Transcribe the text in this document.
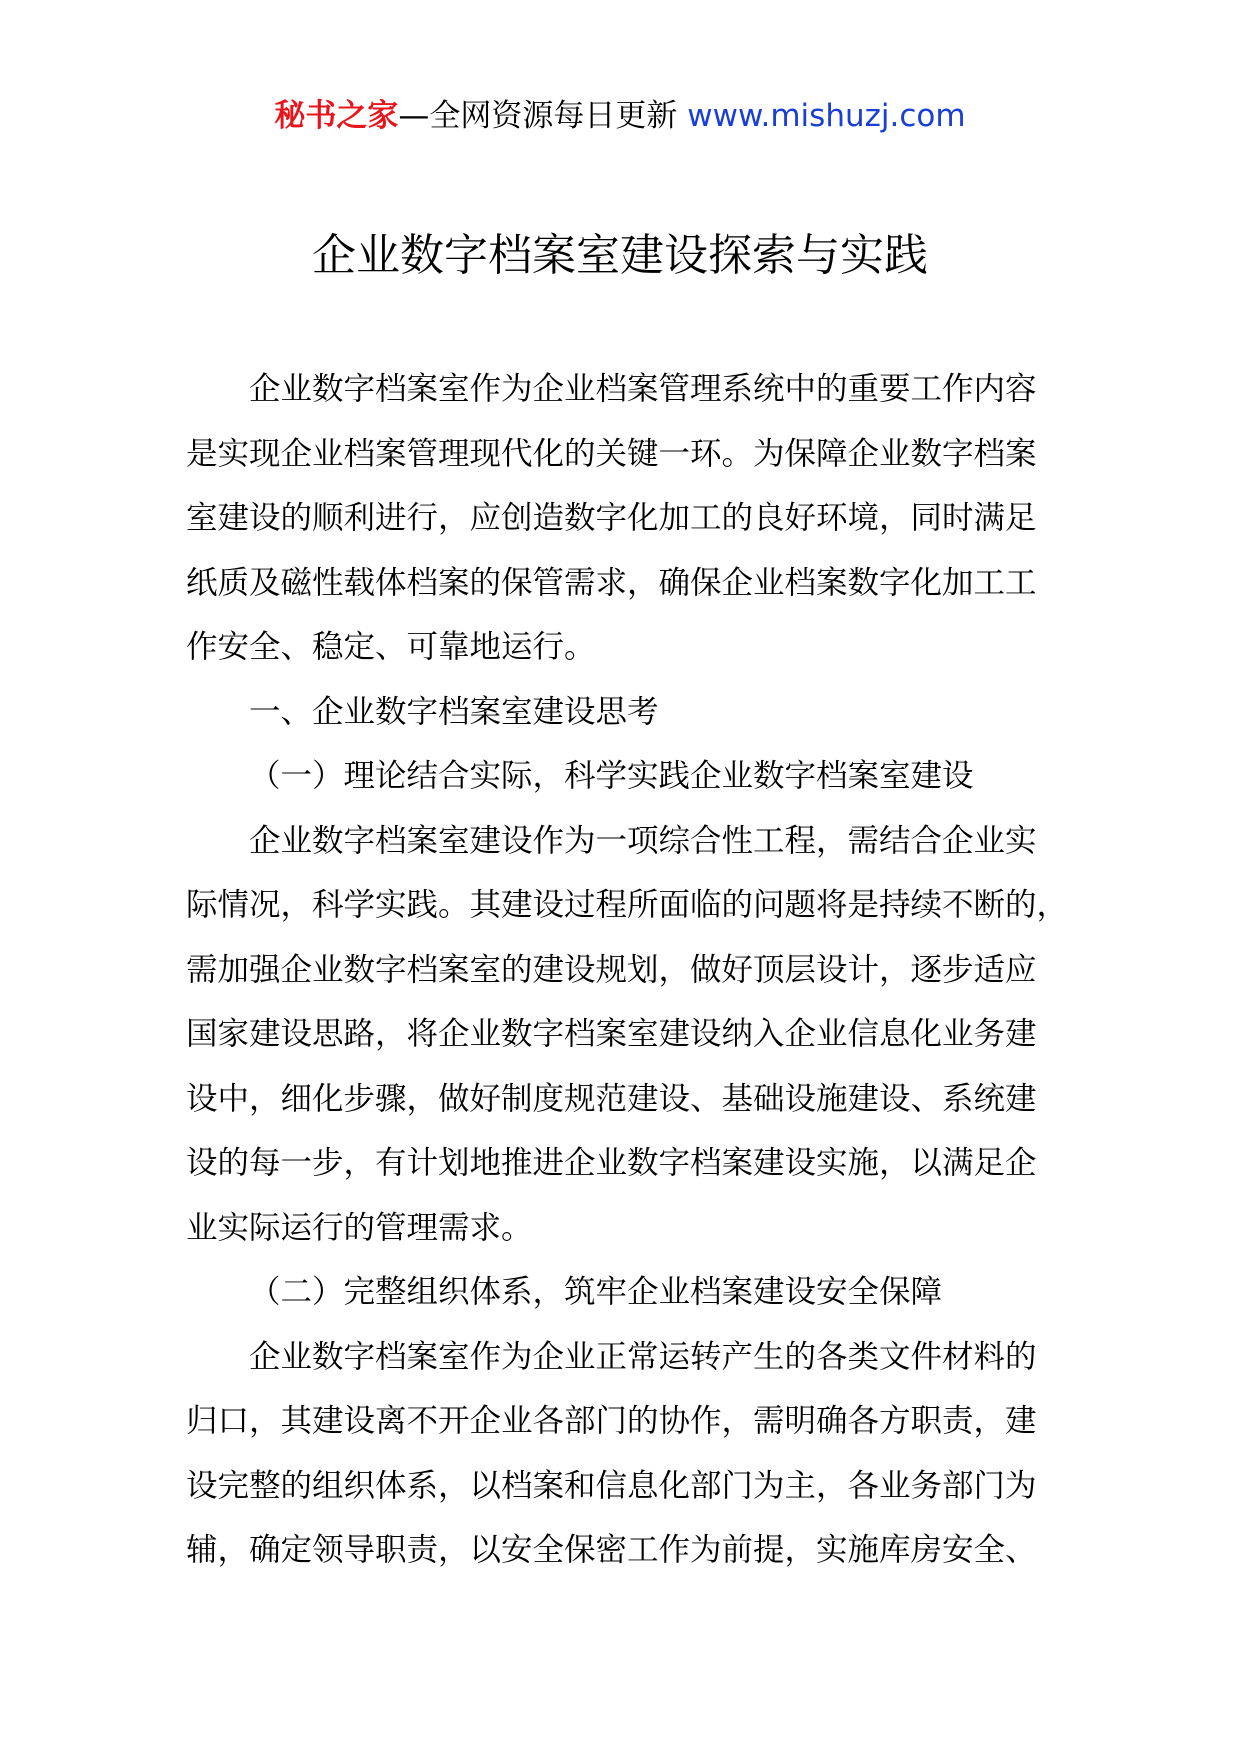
秘书之家—全网资源每日更新 www.mishuzj.com
企业数字档案室建设探索与实践
企业数字档案室作为企业档案管理系统中的重要工作内容
是实现企业档案管理现代化的关键一环。为保障企业数字档案
室建设的顺利进行，应创造数字化加工的良好环境，同时满足
纸质及磁性载体档案的保管需求，确保企业档案数字化加工工
作安全、稳定、可靠地运行。
一、企业数字档案室建设思考
（一）理论结合实际，科学实践企业数字档案室建设
企业数字档案室建设作为一项综合性工程，需结合企业实
际情况，科学实践。其建设过程所面临的问题将是持续不断的，
需加强企业数字档案室的建设规划，做好顶层设计，逐步适应
国家建设思路，将企业数字档案室建设纳入企业信息化业务建
设中，细化步骤，做好制度规范建设、基础设施建设、系统建
设的每一步，有计划地推进企业数字档案建设实施，以满足企
业实际运行的管理需求。
（二）完整组织体系，筑牢企业档案建设安全保障
企业数字档案室作为企业正常运转产生的各类文件材料的
归口，其建设离不开企业各部门的协作，需明确各方职责，建
设完整的组织体系，以档案和信息化部门为主，各业务部门为
辅，确定领导职责，以安全保密工作为前提，实施库房安全、
